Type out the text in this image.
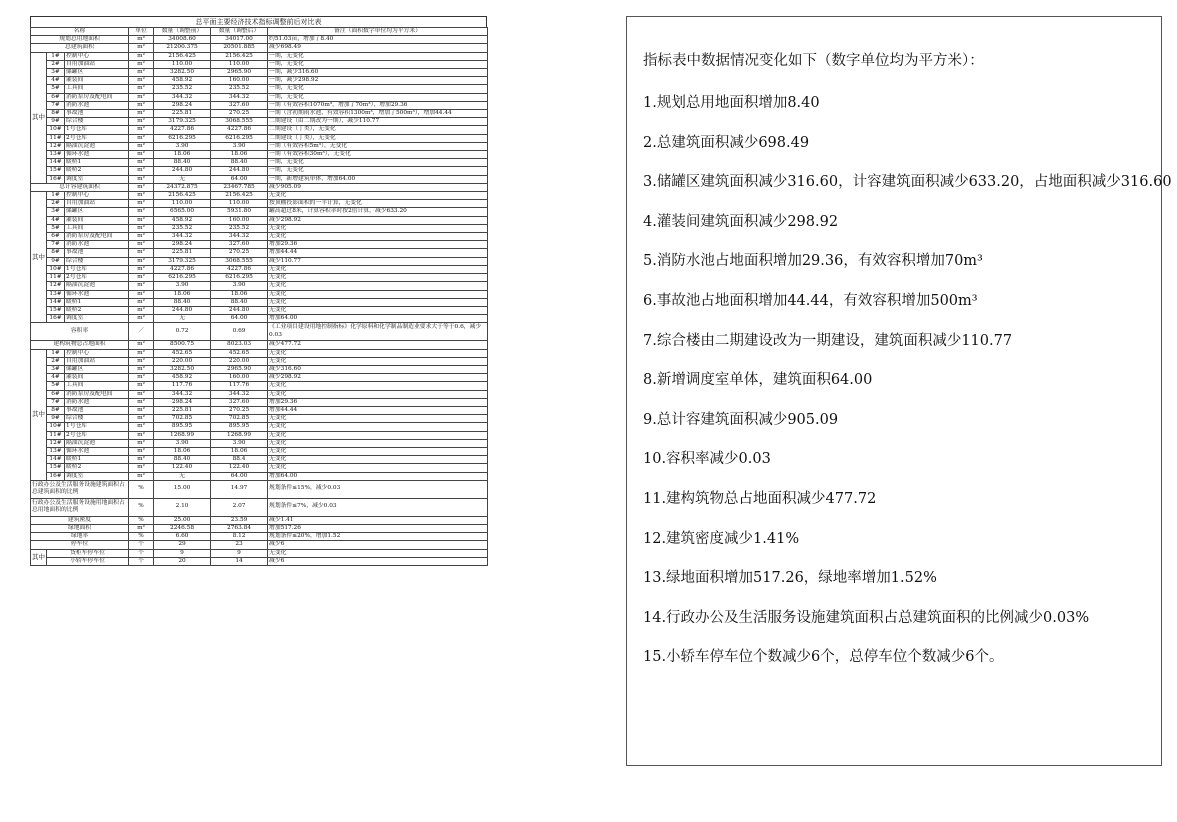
总平面主要经济技术指标调整前后对比表
名称			单位	数量（调整前）	数量（调整后）	备注（面积数字单位均为平方米）
规划总用地面积			m²	34008.60	34017.00	约51.03亩，增加了8.40
总建筑面积			m²	21200.375	20501.885	减少698.49
其中	1#	控制中心	m²	2156.425	2156.425	一期，无变化
	2#	自用加油站	m²	110.00	110.00	一期，无变化
	3#	储罐区	m²	3282.50	2965.90	一期，减少316.60
	4#	灌装间	m²	458.92	160.00	一期，减少298.92
	5#	工具间	m²	235.52	235.52	一期，无变化
	6#	消防泵房及配电间	m²	344.32	344.32	一期，无变化
	7#	消防水池	m²	298.24	327.60	一期（有效容积1070m³，增加了70m³），增加29.36
	8#	事故池	m²	225.81	270.25	一期（含初期雨水池，有效容积1300m³，增加了500m³），增加44.44
	9#	综合楼	m²	3179.325	3068.555	二期建设（由二期改为一期），减少110.77
	10#	1号仓库	m²	4227.86	4227.86	二期建设（丁类），无变化
	11#	2号仓库	m²	6216.295	6216.295	二期建设（丁类），无变化
	12#	隔油沉淀池	m²	3.90	3.90	一期（有效容积5m³），无变化
	13#	循环水池	m²	18.06	18.06	一期（有效容积30m³），无变化
	14#	暖桥1	m²	88.40	88.40	一期，无变化
	15#	暖桥2	m²	244.80	244.80	一期，无变化
	16#	调度室	m²	无	64.00	一期，新增建筑单体，增加64.00
总计容建筑面积			m²	24372.875	23467.785	减少905.09
其中	1#	控制中心	m²	2156.425	2156.425	无变化
	2#	自用加油站	m²	110.00	110.00	按顶棚投影面积的一半计算，无变化
	3#	储罐区	m²	6565.00	5931.80	罐高超过8米，计算容积率时按2倍计算，减少633.20
	4#	灌装间	m²	458.92	160.00	减少298.92
	5#	工具间	m²	235.52	235.52	无变化
	6#	消防泵房及配电间	m²	344.32	344.32	无变化
	7#	消防水池	m²	298.24	327.60	增加29.36
	8#	事故池	m²	225.81	270.25	增加44.44
	9#	综合楼	m²	3179.325	3068.555	减少110.77
	10#	1号仓库	m²	4227.86	4227.86	无变化
	11#	2号仓库	m²	6216.295	6216.295	无变化
	12#	隔油沉淀池	m²	3.90	3.90	无变化
	13#	循环水池	m²	18.06	18.06	无变化
	14#	暖桥1	m²	88.40	88.40	无变化
	15#	暖桥2	m²	244.80	244.80	无变化
	16#	调度室	m²	无	64.00	增加64.00
容积率			／	0.72	0.69	《工业项目建设用地控制指标》化学原料和化学制品制造业要求大于等于0.6，减少0.03
建构筑物总占地面积			m²	8500.75	8023.03	减少477.72
其中	1#	控制中心	m²	452.65	452.65	无变化
	2#	自用加油站	m²	220.00	220.00	无变化
	3#	储罐区	m²	3282.50	2965.90	减少316.60
	4#	灌装间	m²	458.92	160.00	减少298.92
	5#	工具间	m²	117.76	117.76	无变化
	6#	消防泵房及配电间	m²	344.32	344.32	无变化
	7#	消防水池	m²	298.24	327.60	增加29.36
	8#	事故池	m²	225.81	270.25	增加44.44
	9#	综合楼	m²	702.85	702.85	无变化
	10#	1号仓库	m²	895.95	895.95	无变化
	11#	2号仓库	m²	1268.99	1268.99	无变化
	12#	隔油沉淀池	m²	3.90	3.90	无变化
	13#	循环水池	m²	18.06	18.06	无变化
	14#	暖桥1	m²	88.40	88.4	无变化
	15#	暖桥2	m²	122.40	122.40	无变化
	16#	调度室	m²	无	64.00	增加64.00
行政办公及生活服务设施建筑面积占总建筑面积的比例			%	15.00	14.97	规划条件≤15%，减少0.03
行政办公及生活服务设施用地面积占总用地面积的比例			%	2.10	2.07	规划条件≤7%，减少0.03
建筑密度			%	25.00	23.59	减少1.41
绿地面积			m²	2246.58	2763.84	增加517.26
绿地率			%	6.60	8.12	规划条件≤20%，增加1.52
停车位			个	29	23	减少6
其中	货柜车停车位		个	9	9	无变化
	小轿车停车位		个	20	14	减少6
指标表中数据情况变化如下（数字单位均为平方米）：
1.规划总用地面积增加8.40
2.总建筑面积减少698.49
3.储罐区建筑面积减少316.60，计容建筑面积减少633.20，占地面积减少316.60
4.灌装间建筑面积减少298.92
5.消防水池占地面积增加29.36，有效容积增加70m³
6.事故池占地面积增加44.44，有效容积增加500m³
7.综合楼由二期建设改为一期建设，建筑面积减少110.77
8.新增调度室单体，建筑面积64.00
9.总计容建筑面积减少905.09
10.容积率减少0.03
11.建构筑物总占地面积减少477.72
12.建筑密度减少1.41%
13.绿地面积增加517.26，绿地率增加1.52%
14.行政办公及生活服务设施建筑面积占总建筑面积的比例减少0.03%
15.小轿车停车位个数减少6个，总停车位个数减少6个。
